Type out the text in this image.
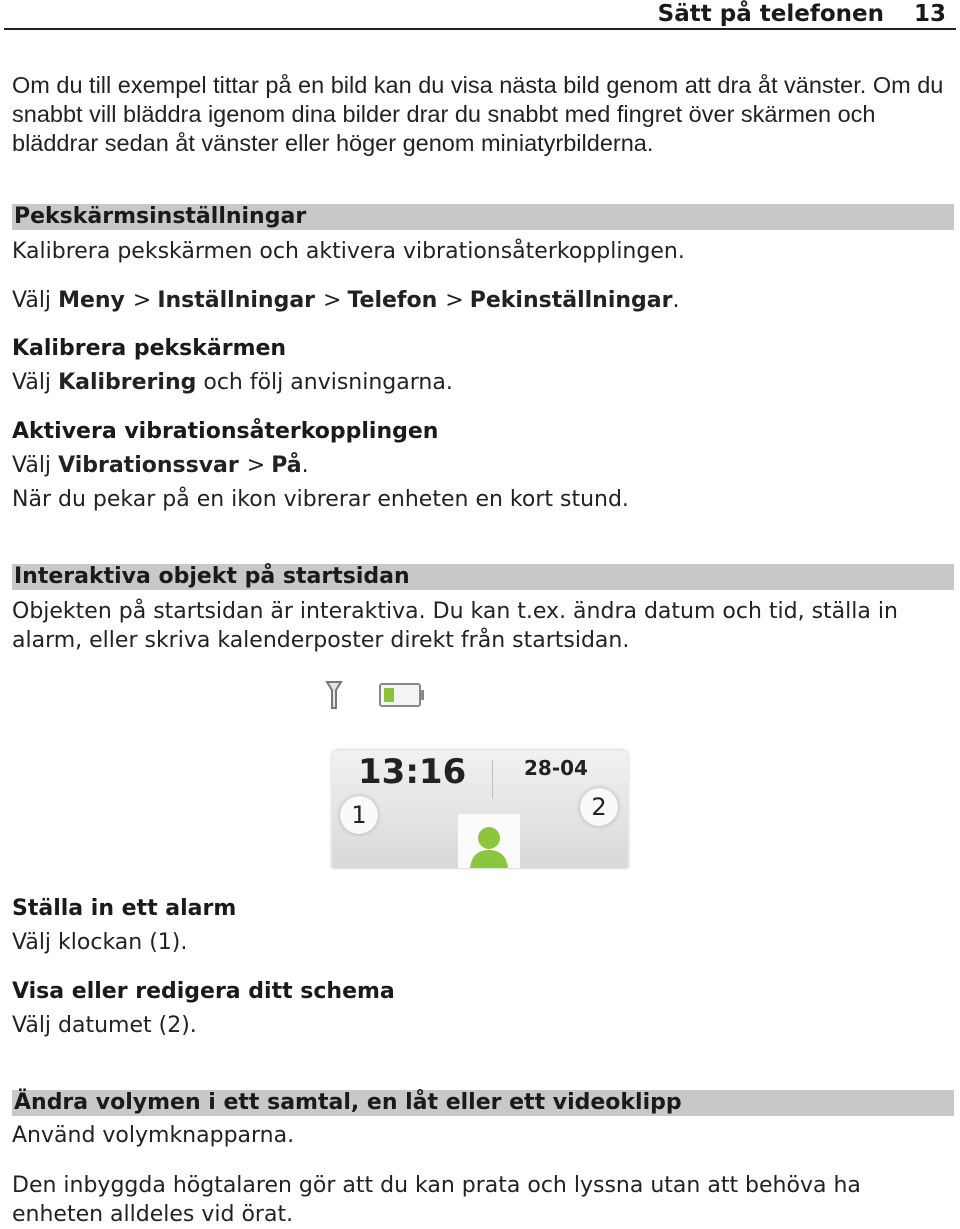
Sätt på telefonen 13
Om du till exempel tittar på en bild kan du visa nästa bild genom att dra åt vänster. Om du snabbt vill bläddra igenom dina bilder drar du snabbt med fingret över skärmen och bläddrar sedan åt vänster eller höger genom miniatyrbilderna.
Pekskärmsinställningar
Kalibrera pekskärmen och aktivera vibrationsåterkopplingen.
Välj Meny > Inställningar > Telefon > Pekinställningar.
Kalibrera pekskärmen
Välj Kalibrering och följ anvisningarna.
Aktivera vibrationsåterkopplingen
Välj Vibrationssvar > På.
När du pekar på en ikon vibrerar enheten en kort stund.
Interaktiva objekt på startsidan
Objekten på startsidan är interaktiva. Du kan t.ex. ändra datum och tid, ställa in alarm, eller skriva kalenderposter direkt från startsidan.
13:16	28-04
1	2
Ställa in ett alarm
Välj klockan (1).
Visa eller redigera ditt schema
Välj datumet (2).
Ändra volymen i ett samtal, en låt eller ett videoklipp
Använd volymknapparna.
Den inbyggda högtalaren gör att du kan prata och lyssna utan att behöva ha enheten alldeles vid örat.
